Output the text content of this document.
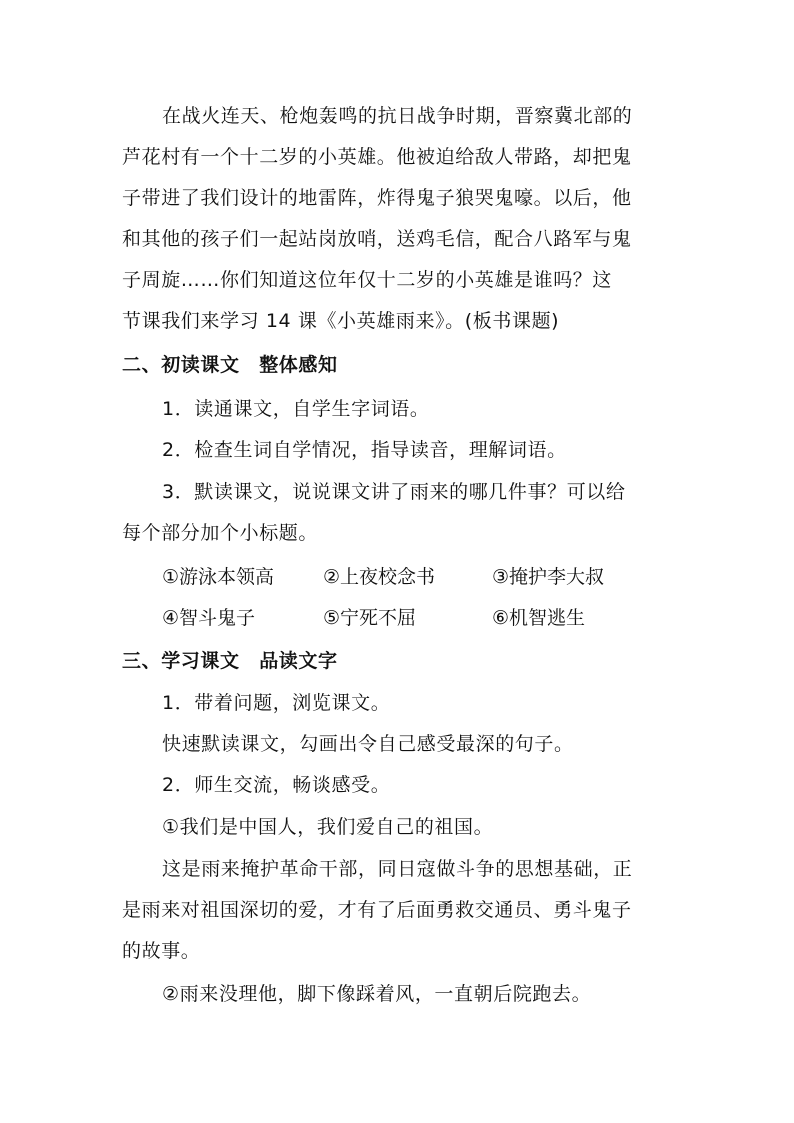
在战火连天、枪炮轰鸣的抗日战争时期，晋察冀北部的
芦花村有一个十二岁的小英雄。他被迫给敌人带路，却把鬼
子带进了我们设计的地雷阵，炸得鬼子狼哭鬼嚎。以后，他
和其他的孩子们一起站岗放哨，送鸡毛信，配合八路军与鬼
子周旋……你们知道这位年仅十二岁的小英雄是谁吗？这
节课我们来学习 14 课《小英雄雨来》。(板书课题)
二、初读课文　整体感知
1．读通课文，自学生字词语。
2．检查生词自学情况，指导读音，理解词语。
3．默读课文，说说课文讲了雨来的哪几件事？可以给
每个部分加个小标题。
①游泳本领高	②上夜校念书	③掩护李大叔
④智斗鬼子	⑤宁死不屈	⑥机智逃生
三、学习课文　品读文字
1．带着问题，浏览课文。
快速默读课文，勾画出令自己感受最深的句子。
2．师生交流，畅谈感受。
①我们是中国人，我们爱自己的祖国。
这是雨来掩护革命干部，同日寇做斗争的思想基础，正
是雨来对祖国深切的爱，才有了后面勇救交通员、勇斗鬼子
的故事。
②雨来没理他，脚下像踩着风，一直朝后院跑去。
